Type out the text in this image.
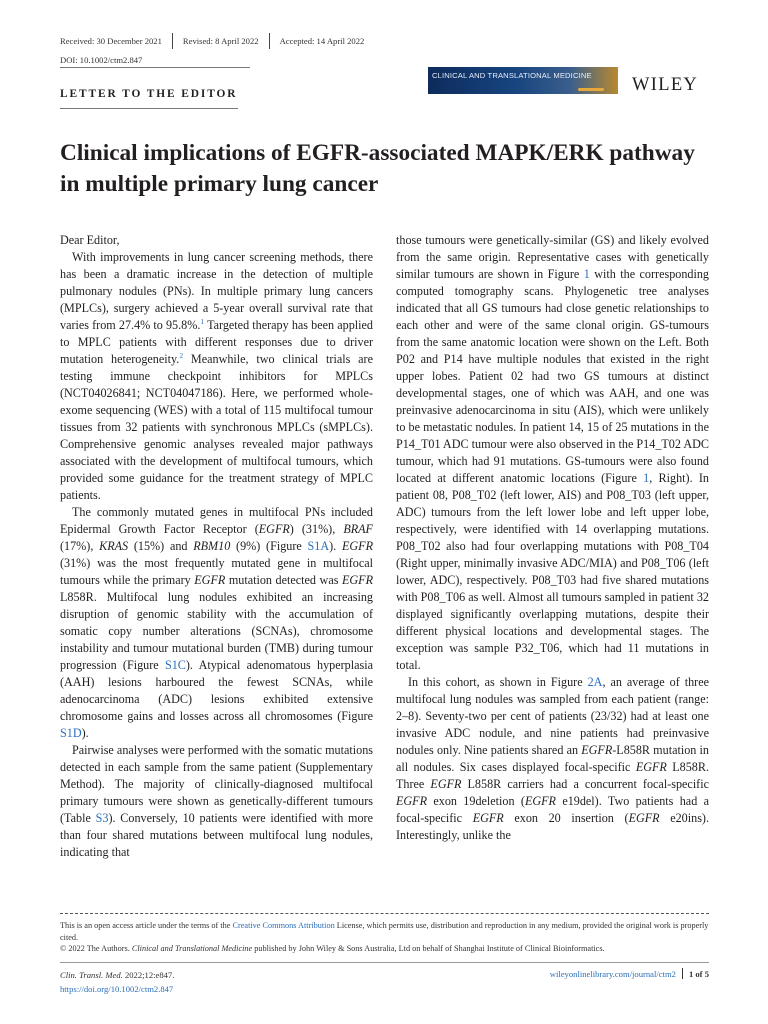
Received: 30 December 2021	Revised: 8 April 2022	Accepted: 14 April 2022
DOI: 10.1002/ctm2.847
LETTER TO THE EDITOR
CLINICAL AND TRANSLATIONAL MEDICINE WILEY
Clinical implications of EGFR-associated MAPK/ERK pathway in multiple primary lung cancer

Dear Editor,

With improvements in lung cancer screening methods, there has been a dramatic increase in the detection of multiple pulmonary nodules (PNs). In multiple primary lung cancers (MPLCs), surgery achieved a 5-year overall survival rate that varies from 27.4% to 95.8%.$^1$ Targeted therapy has been applied to MPLC patients with different responses due to driver mutation heterogeneity.$^2$ Meanwhile, two clinical trials are testing immune checkpoint inhibitors for MPLCs (NCT04026841; NCT04047186). Here, we performed whole-exome sequencing (WES) with a total of 115 multifocal tumour tissues from 32 patients with synchronous MPLCs (sMPLCs). Comprehensive genomic analyses revealed major pathways associated with the development of multifocal tumours, which provided some guidance for the treatment strategy of MPLC patients.

The commonly mutated genes in multifocal PNs included Epidermal Growth Factor Receptor (EGFR) (31%), BRAF (17%), KRAS (15%) and RBM10 (9%) (Figure S1A). EGFR (31%) was the most frequently mutated gene in multifocal tumours while the primary EGFR mutation detected was EGFR L858R. Multifocal lung nodules exhibited an increasing disruption of genomic stability with the accumulation of somatic copy number alterations (SCNAs), chromosome instability and tumour mutational burden (TMB) during tumour progression (Figure S1C). Atypical adenomatous hyperplasia (AAH) lesions harboured the fewest SCNAs, while adenocarcinoma (ADC) lesions exhibited extensive chromosome gains and losses across all chromosomes (Figure S1D).

Pairwise analyses were performed with the somatic mutations detected in each sample from the same patient (Supplementary Method). The majority of clinically-diagnosed multifocal primary tumours were shown as genetically-different tumours (Table S3). Conversely, 10 patients were identified with more than four shared mutations between multifocal lung nodules, indicating that

those tumours were genetically-similar (GS) and likely evolved from the same origin. Representative cases with genetically similar tumours are shown in Figure 1 with the corresponding computed tomography scans. Phylogenetic tree analyses indicated that all GS tumours had close genetic relationships to each other and were of the same clonal origin. GS-tumours from the same anatomic location were shown on the Left. Both P02 and P14 have multiple nodules that existed in the right upper lobes. Patient 02 had two GS tumours at distinct developmental stages, one of which was AAH, and one was preinvasive adenocarcinoma in situ (AIS), which were unlikely to be metastatic nodules. In patient 14, 15 of 25 mutations in the P14_T01 ADC tumour were also observed in the P14_T02 ADC tumour, which had 91 mutations. GS-tumours were also found located at different anatomic locations (Figure 1, Right). In patient 08, P08_T02 (left lower, AIS) and P08_T03 (left upper, ADC) tumours from the left lower lobe and left upper lobe, respectively, were identified with 14 overlapping mutations. P08_T02 also had four overlapping mutations with P08_T04 (Right upper, minimally invasive ADC/MIA) and P08_T06 (left lower, ADC), respectively. P08_T03 had five shared mutations with P08_T06 as well. Almost all tumours sampled in patient 32 displayed significantly overlapping mutations, despite their different physical locations and developmental stages. The exception was sample P32_T06, which had 11 mutations in total.

In this cohort, as shown in Figure 2A, an average of three multifocal lung nodules was sampled from each patient (range: 2–8). Seventy-two per cent of patients (23/32) had at least one invasive ADC nodule, and nine patients had preinvasive nodules only. Nine patients shared an EGFR-L858R mutation in all nodules. Six cases displayed focal-specific EGFR L858R. Three EGFR L858R carriers had a concurrent focal-specific EGFR exon 19deletion (EGFR e19del). Two patients had a focal-specific EGFR exon 20 insertion (EGFR e20ins). Interestingly, unlike the

This is an open access article under the terms of the Creative Commons Attribution License, which permits use, distribution and reproduction in any medium, provided the original work is properly cited.

© 2022 The Authors. Clinical and Translational Medicine published by John Wiley & Sons Australia, Ltd on behalf of Shanghai Institute of Clinical Bioinformatics.

Clin. Transl. Med. 2022;12:e847.
https://doi.org/10.1002/ctm2.847
wileyonlinelibrary.com/journal/ctm2 1 of 5
